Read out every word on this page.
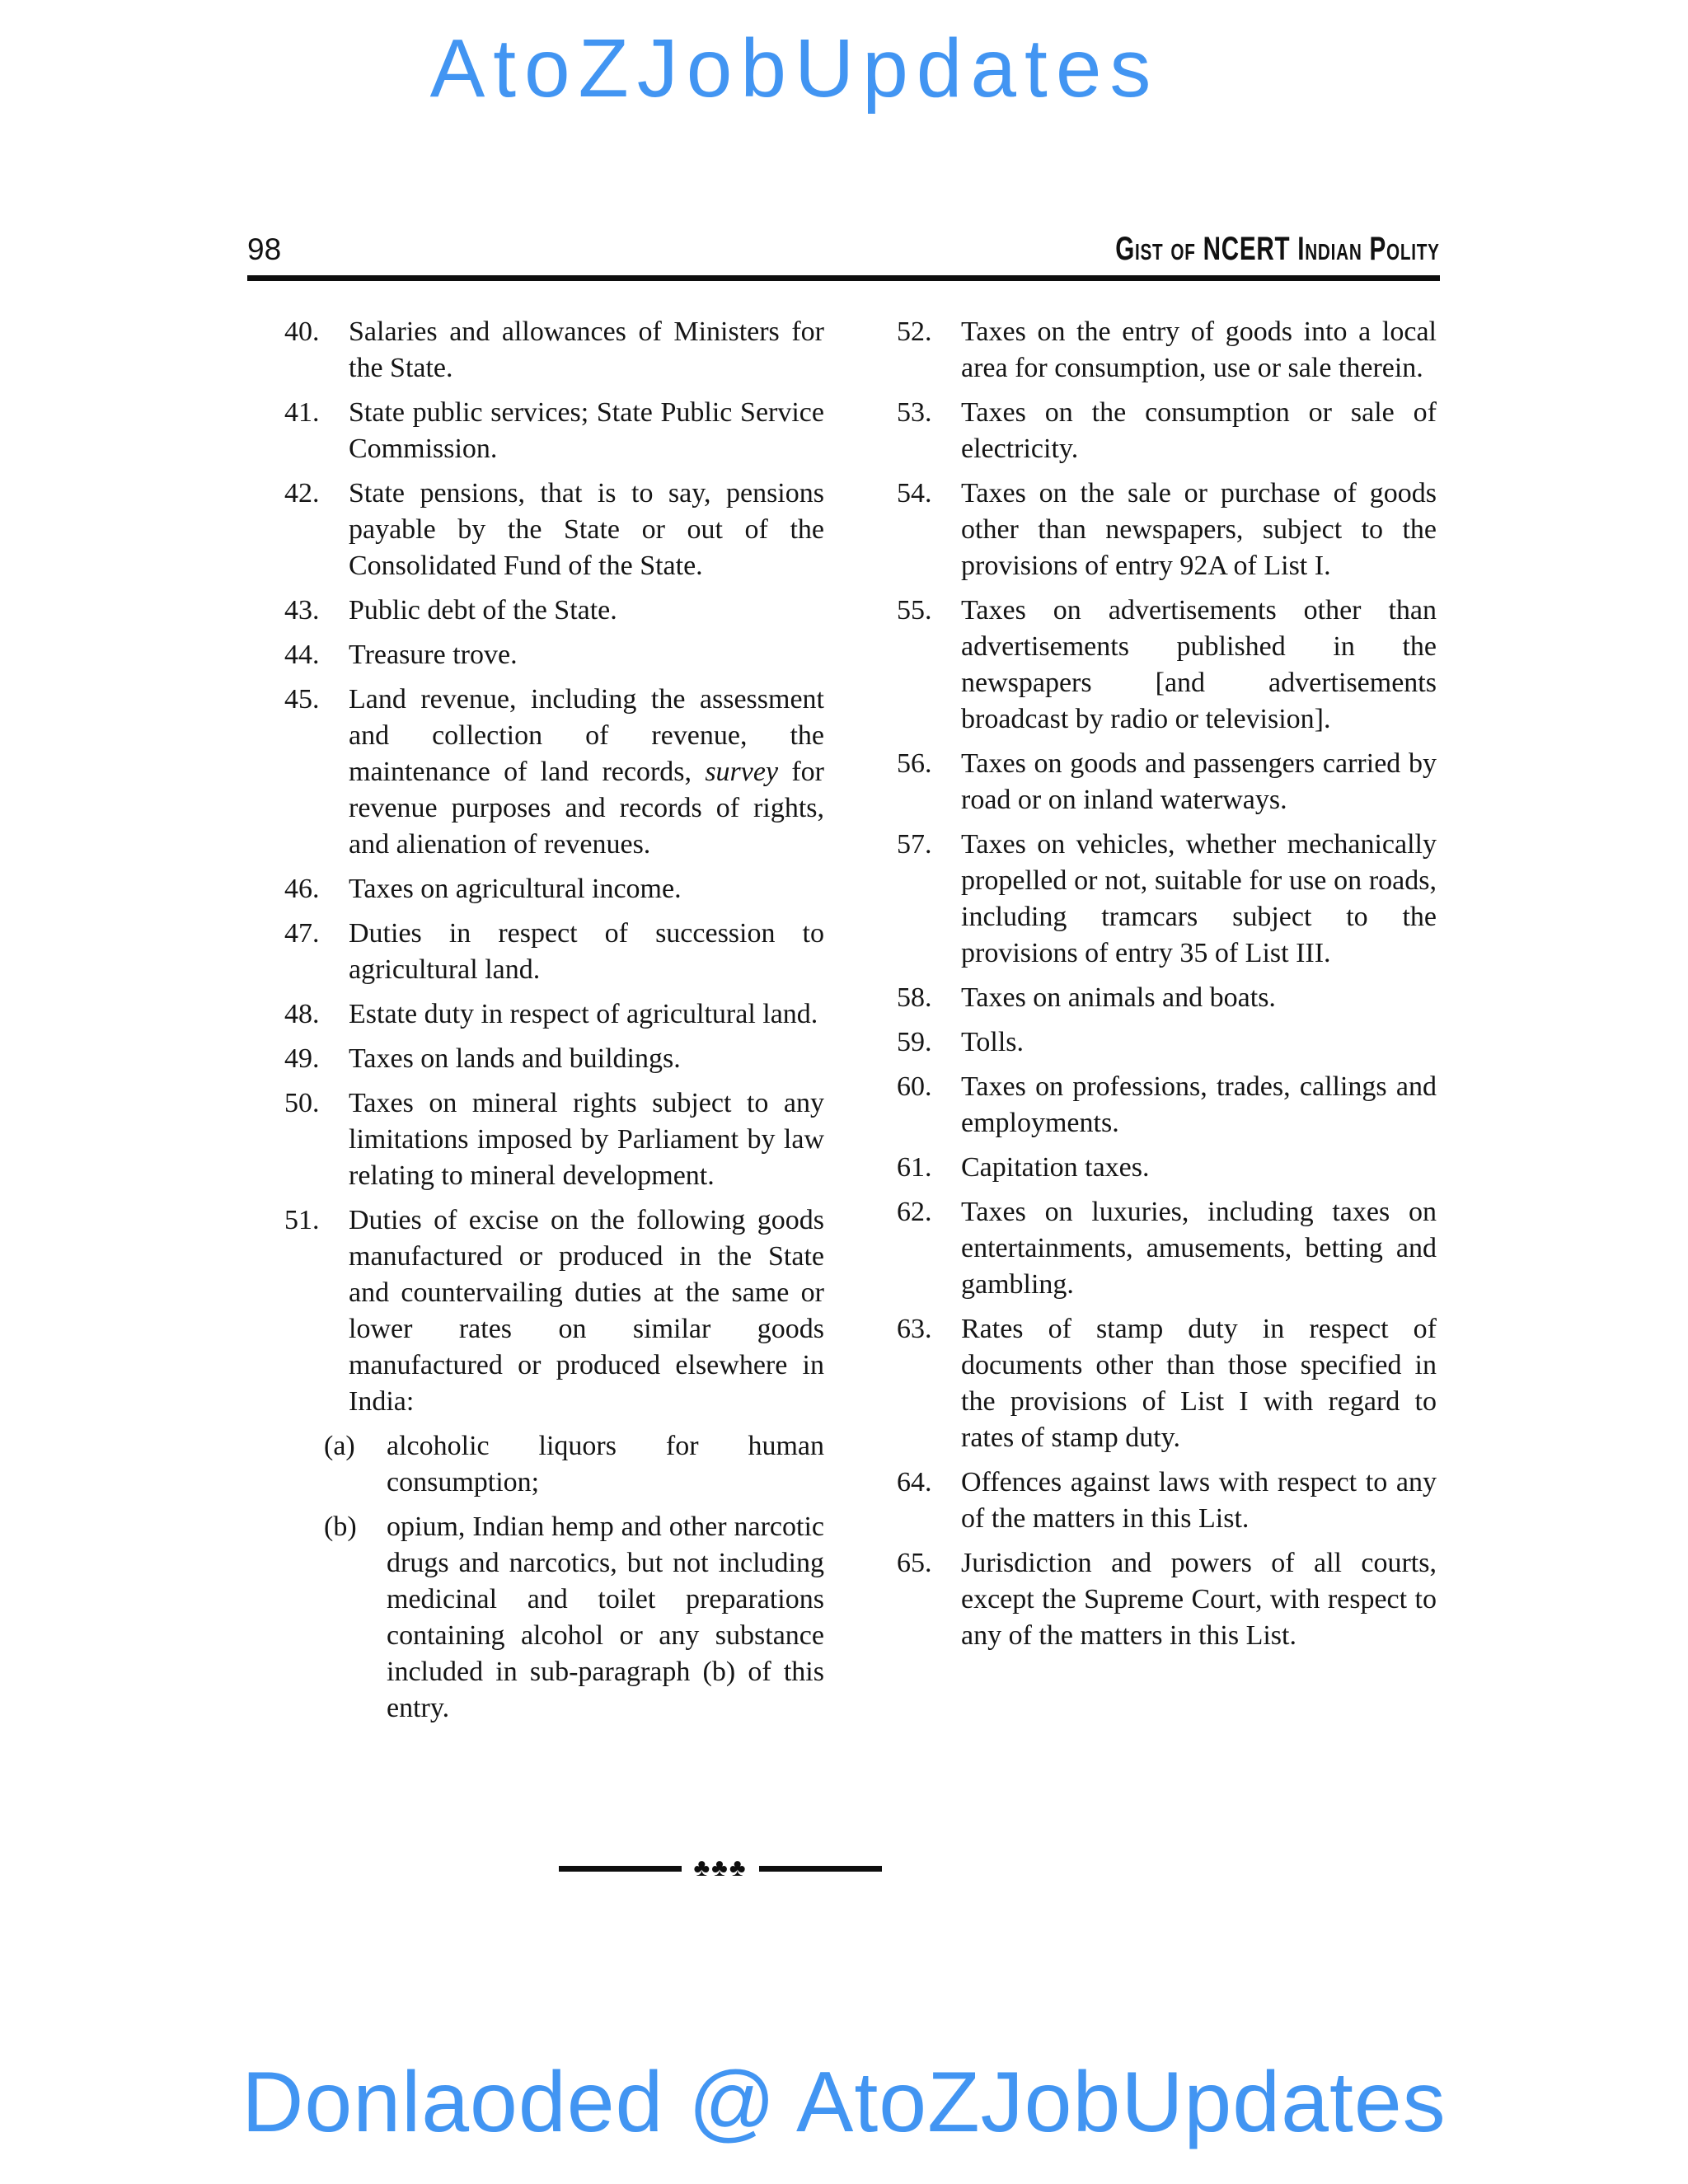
AtoZJobUpdates
98	Gist of NCERT Indian Polity
40. Salaries and allowances of Ministers for the State.
41. State public services; State Public Service Commission.
42. State pensions, that is to say, pensions payable by the State or out of the Consolidated Fund of the State.
43. Public debt of the State.
44. Treasure trove.
45. Land revenue, including the assessment and collection of revenue, the maintenance of land records, survey for revenue purposes and records of rights, and alienation of revenues.
46. Taxes on agricultural income.
47. Duties in respect of succession to agricultural land.
48. Estate duty in respect of agricultural land.
49. Taxes on lands and buildings.
50. Taxes on mineral rights subject to any limitations imposed by Parliament by law relating to mineral development.
51. Duties of excise on the following goods manufactured or produced in the State and countervailing duties at the same or lower rates on similar goods manufactured or produced elsewhere in India:
(a) alcoholic liquors for human consumption;
(b) opium, Indian hemp and other narcotic drugs and narcotics, but not including medicinal and toilet preparations containing alcohol or any substance included in sub-paragraph (b) of this entry.
52. Taxes on the entry of goods into a local area for consumption, use or sale therein.
53. Taxes on the consumption or sale of electricity.
54. Taxes on the sale or purchase of goods other than newspapers, subject to the provisions of entry 92A of List I.
55. Taxes on advertisements other than advertisements published in the newspapers [and advertisements broadcast by radio or television].
56. Taxes on goods and passengers carried by road or on inland waterways.
57. Taxes on vehicles, whether mechanically propelled or not, suitable for use on roads, including tramcars subject to the provisions of entry 35 of List III.
58. Taxes on animals and boats.
59. Tolls.
60. Taxes on professions, trades, callings and employments.
61. Capitation taxes.
62. Taxes on luxuries, including taxes on entertainments, amusements, betting and gambling.
63. Rates of stamp duty in respect of documents other than those specified in the provisions of List I with regard to rates of stamp duty.
64. Offences against laws with respect to any of the matters in this List.
65. Jurisdiction and powers of all courts, except the Supreme Court, with respect to any of the matters in this List.
♣♣♣
Donlaoded @ AtoZJobUpdates
